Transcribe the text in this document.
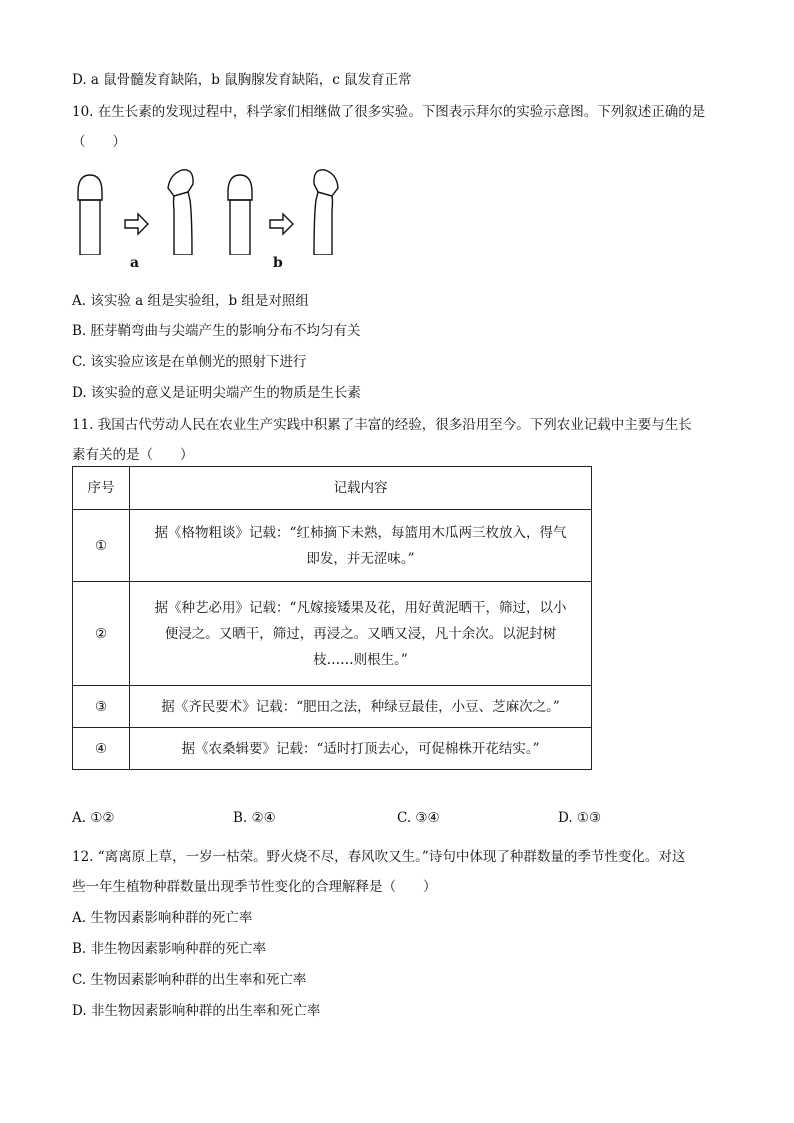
D. a 鼠骨髓发育缺陷，b 鼠胸腺发育缺陷，c 鼠发育正常
10. 在生长素的发现过程中，科学家们相继做了很多实验。下图表示拜尔的实验示意图。下列叙述正确的是
（　　）
a	b
A. 该实验 a 组是实验组，b 组是对照组
B. 胚芽鞘弯曲与尖端产生的影响分布不均匀有关
C. 该实验应该是在单侧光的照射下进行
D. 该实验的意义是证明尖端产生的物质是生长素
11. 我国古代劳动人民在农业生产实践中积累了丰富的经验，很多沿用至今。下列农业记载中主要与生长
素有关的是（　　）
序号	记载内容
①	据《格物粗谈》记载：“红柿摘下未熟，每篮用木瓜两三枚放入，得气
即发，并无涩味。”

②	据《种艺必用》记载：“凡嫁接矮果及花，用好黄泥晒干，筛过，以小
便浸之。又晒干，筛过，再浸之。又晒又浸，凡十余次。以泥封树
枝……则根生。”

③	据《齐民要术》记载：“肥田之法，种绿豆最佳，小豆、芝麻次之。”

④	据《农桑辑要》记载：“适时打顶去心，可促棉株开花结实。”
A. ①②	B. ②④	C. ③④	D. ①③
12. “离离原上草，一岁一枯荣。野火烧不尽，春风吹又生。”诗句中体现了种群数量的季节性变化。对这
些一年生植物种群数量出现季节性变化的合理解释是（　　）
A. 生物因素影响种群的死亡率
B. 非生物因素影响种群的死亡率
C. 生物因素影响种群的出生率和死亡率
D. 非生物因素影响种群的出生率和死亡率
